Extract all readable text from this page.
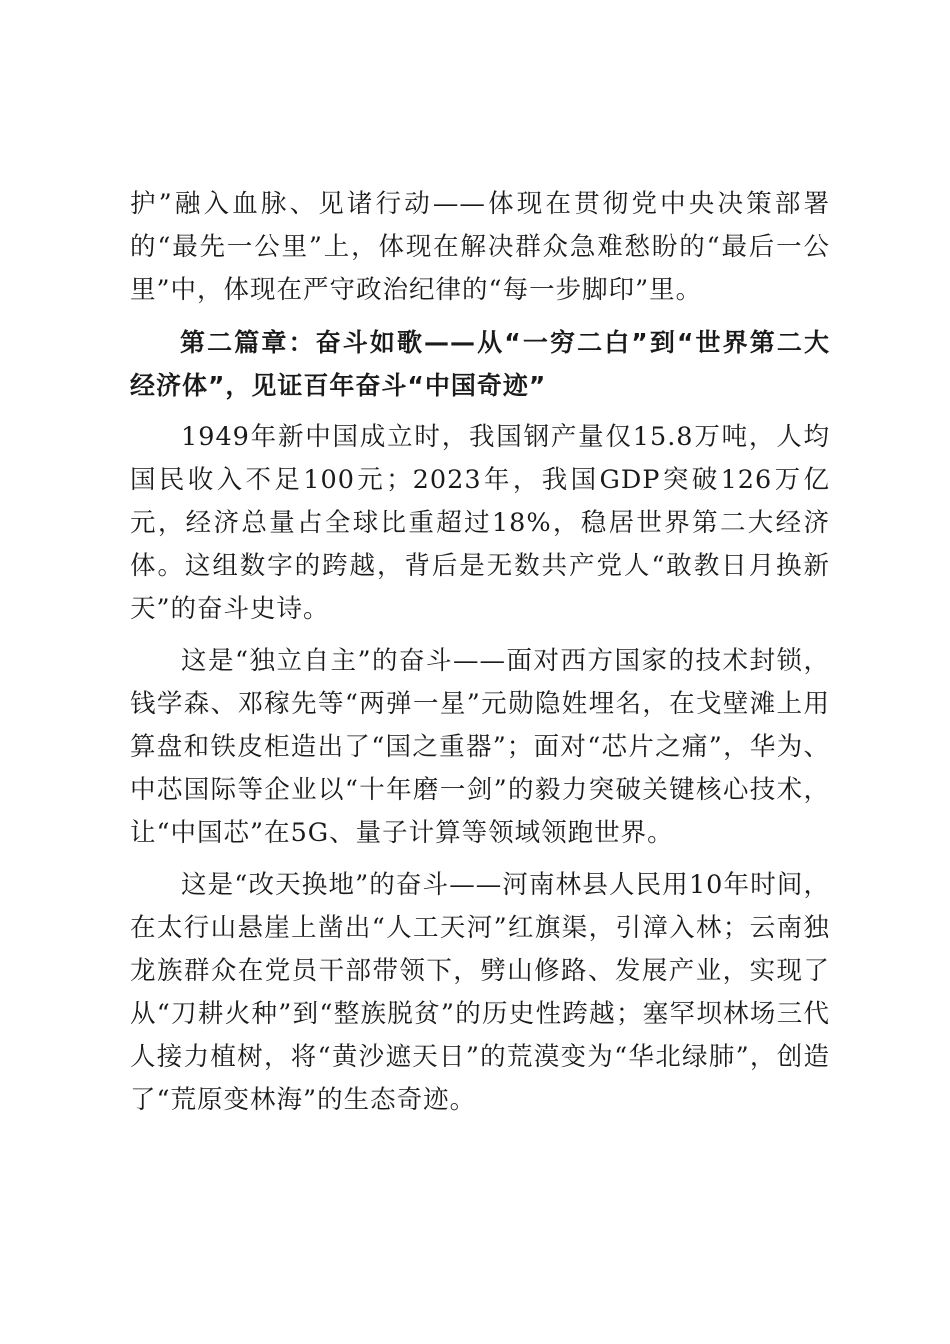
护”融入血脉、见诸行动——体现在贯彻党中央决策部署的“最先一公里”上，体现在解决群众急难愁盼的“最后一公里”中，体现在严守政治纪律的“每一步脚印”里。

第二篇章：奋斗如歌——从“一穷二白”到“世界第二大经济体”，见证百年奋斗“中国奇迹”

1949年新中国成立时，我国钢产量仅15.8万吨，人均国民收入不足100元；2023年，我国GDP突破126万亿元，经济总量占全球比重超过18%，稳居世界第二大经济体。这组数字的跨越，背后是无数共产党人“敢教日月换新天”的奋斗史诗。

这是“独立自主”的奋斗——面对西方国家的技术封锁，钱学森、邓稼先等“两弹一星”元勋隐姓埋名，在戈壁滩上用算盘和铁皮柜造出了“国之重器”；面对“芯片之痛”，华为、中芯国际等企业以“十年磨一剑”的毅力突破关键核心技术，让“中国芯”在5G、量子计算等领域领跑世界。

这是“改天换地”的奋斗——河南林县人民用10年时间，在太行山悬崖上凿出“人工天河”红旗渠，引漳入林；云南独龙族群众在党员干部带领下，劈山修路、发展产业，实现了从“刀耕火种”到“整族脱贫”的历史性跨越；塞罕坝林场三代人接力植树，将“黄沙遮天日”的荒漠变为“华北绿肺”，创造了“荒原变林海”的生态奇迹。
